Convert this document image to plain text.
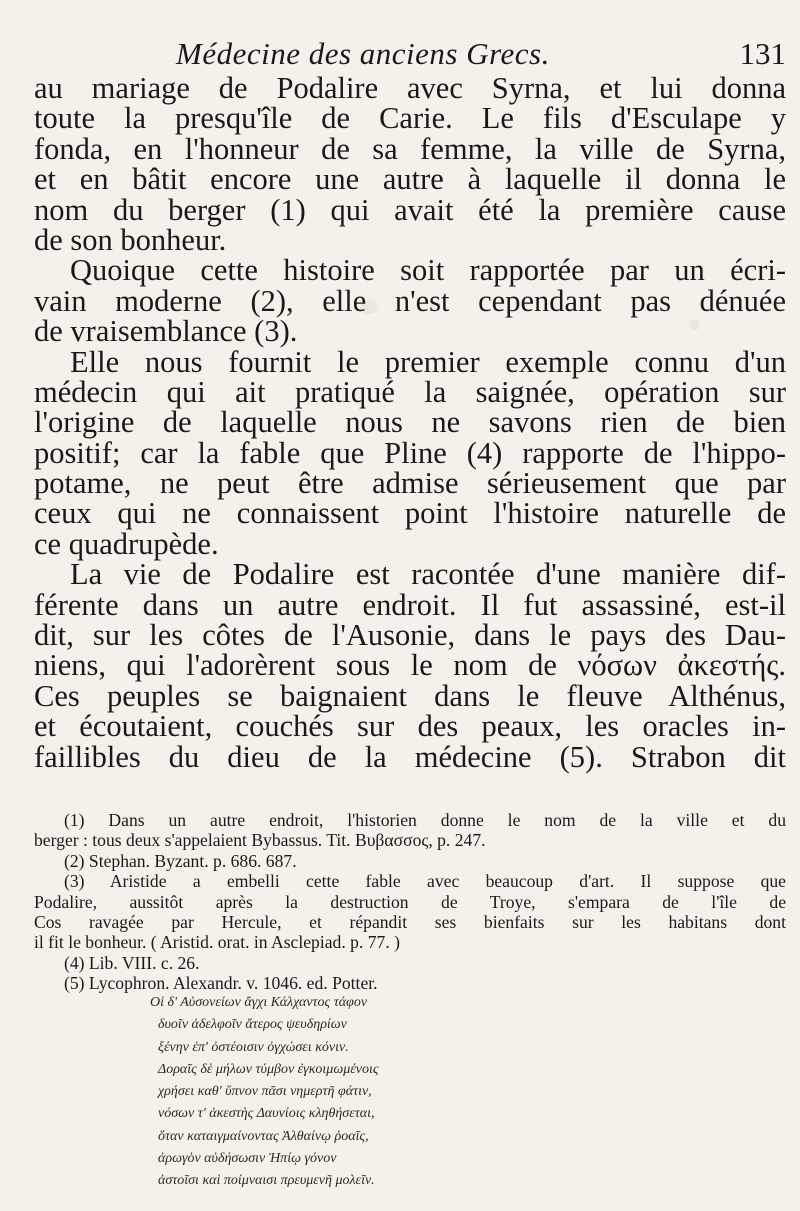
Médecine des anciens Grecs.	131
au mariage de Podalire avec Syrna, et lui donna
toute la presqu'île de Carie. Le fils d'Esculape y
fonda, en l'honneur de sa femme, la ville de Syrna,
et en bâtit encore une autre à laquelle il donna le
nom du berger (1) qui avait été la première cause
de son bonheur.
Quoique cette histoire soit rapportée par un écri-
vain moderne (2), elle n'est cependant pas dénuée
de vraisemblance (3).
Elle nous fournit le premier exemple connu d'un
médecin qui ait pratiqué la saignée, opération sur
l'origine de laquelle nous ne savons rien de bien
positif; car la fable que Pline (4) rapporte de l'hippo-
potame, ne peut être admise sérieusement que par
ceux qui ne connaissent point l'histoire naturelle de
ce quadrupède.
La vie de Podalire est racontée d'une manière dif-
férente dans un autre endroit. Il fut assassiné, est-il
dit, sur les côtes de l'Ausonie, dans le pays des Dau-
niens, qui l'adorèrent sous le nom de νόσων ἀκεστής.
Ces peuples se baignaient dans le fleuve Althénus,
et écoutaient, couchés sur des peaux, les oracles in-
faillibles du dieu de la médecine (5). Strabon dit
(1) Dans un autre endroit, l'historien donne le nom de la ville et du
berger : tous deux s'appelaient Bybassus. Tit. Βυβασσος, p. 247.
(2) Stephan. Byzant. p. 686. 687.
(3) Aristide a embelli cette fable avec beaucoup d'art. Il suppose que
Podalire, aussitôt après la destruction de Troye, s'empara de l'île de
Cos ravagée par Hercule, et répandit ses bienfaits sur les habitans dont
il fit le bonheur. ( Aristid. orat. in Asclepiad. p. 77. )
(4) Lib. VIII. c. 26.
(5) Lycophron. Alexandr. v. 1046. ed. Potter.
Οἱ δ' Αὐσονείων ἄγχι Κάλχαντος τάφον
δυοῖν ἀδελφοῖν ἄτερος ψευδηρίων
ξένην ἐπ' ὀστέοισιν ὀγχώσει κόνιν.
Δοραῖς δὲ μήλων τύμβον ἐγκοιμωμένοις
χρήσει καθ' ὕπνον πᾶσι νημερτῆ φάτιν,
νόσων τ' ἀκεστὴς Δαυνίοις κληθήσεται,
ὅταν καταιγμαίνοντας Ἀλθαίνῳ ῥοαῖς,
ἀρωγὸν αὐδήσωσιν Ἠπίῳ γόνον
ἀστοῖσι καὶ ποίμναισι πρευμενῆ μολεῖν.
